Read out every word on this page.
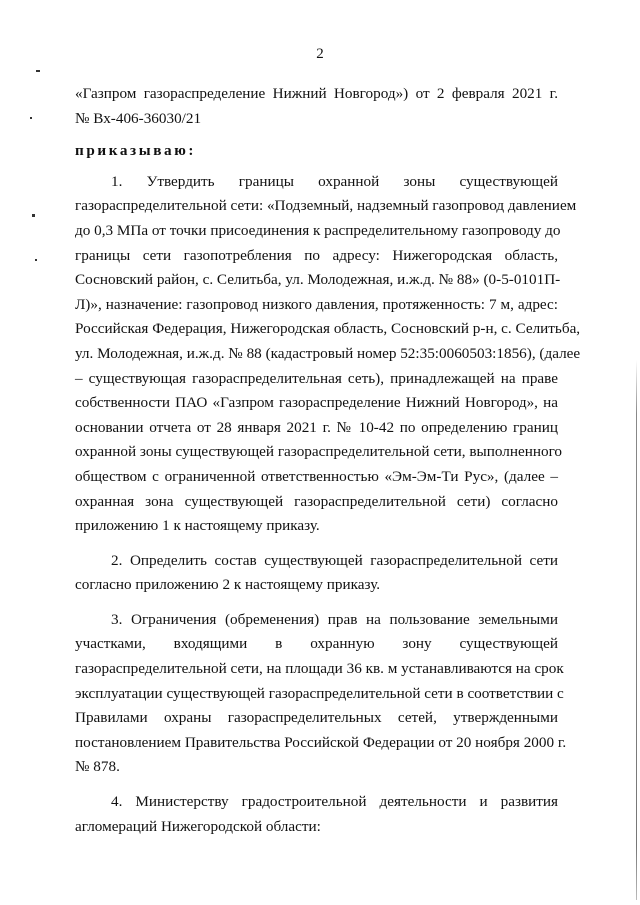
2
«Газпром газораспределение Нижний Новгород») от 2 февраля 2021 г.
№ Вх-406-36030/21
приказываю:
1. Утвердить границы охранной зоны существующей
газораспределительной сети: «Подземный, надземный газопровод давлением
до 0,3 МПа от точки присоединения к распределительному газопроводу до
границы сети газопотребления по адресу: Нижегородская область,
Сосновский район, с. Селитьба, ул. Молодежная, и.ж.д. № 88» (0-5-0101П-
Л)», назначение: газопровод низкого давления, протяженность: 7 м, адрес:
Российская Федерация, Нижегородская область, Сосновский р-н, с. Селитьба,
ул. Молодежная, и.ж.д. № 88 (кадастровый номер 52:35:0060503:1856), (далее
– существующая газораспределительная сеть), принадлежащей на праве
собственности ПАО «Газпром газораспределение Нижний Новгород», на
основании отчета от 28 января 2021 г. № 10-42 по определению границ
охранной зоны существующей газораспределительной сети, выполненного
обществом с ограниченной ответственностью «Эм-Эм-Ти Рус», (далее –
охранная зона существующей газораспределительной сети) согласно
приложению 1 к настоящему приказу.
2. Определить состав существующей газораспределительной сети
согласно приложению 2 к настоящему приказу.
3. Ограничения (обременения) прав на пользование земельными
участками, входящими в охранную зону существующей
газораспределительной сети, на площади 36 кв. м устанавливаются на срок
эксплуатации существующей газораспределительной сети в соответствии с
Правилами охраны газораспределительных сетей, утвержденными
постановлением Правительства Российской Федерации от 20 ноября 2000 г.
№ 878.
4. Министерству градостроительной деятельности и развития
агломераций Нижегородской области:
